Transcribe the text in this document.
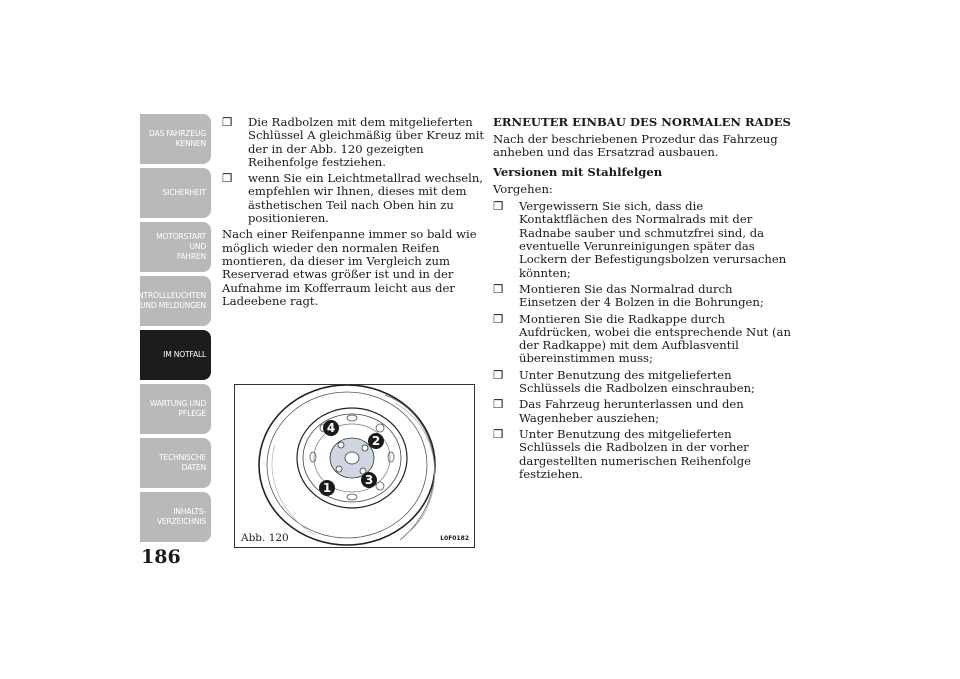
DAS FAHRZEUG
KENNEN
SICHERHEIT
MOTORSTART UND
FAHREN
KONTROLLLEUCHTEN
UND MELDUNGEN
IM NOTFALL
WARTUNG UND
PFLEGE
TECHNISCHE
DATEN
INHALTS-
VERZEICHNIS
186
❒	Die Radbolzen mit dem mitgelieferten Schlüssel A gleichmäßig über Kreuz mit der in der Abb. 120 gezeigten Reihenfolge festziehen.
❒	wenn Sie ein Leichtmetallrad wechseln, empfehlen wir Ihnen, dieses mit dem ästhetischen Teil nach Oben hin zu positionieren.

Nach einer Reifenpanne immer so bald wie möglich wieder den normalen Reifen montieren, da dieser im Vergleich zum Reserverad etwas größer ist und in der Aufnahme im Kofferraum leicht aus der Ladeebene ragt.

4
2
1
3
Abb. 120	L0F0182
ERNEUTER EINBAU DES NORMALEN RADES

Nach der beschriebenen Prozedur das Fahrzeug anheben und das Ersatzrad ausbauen.

Versionen mit Stahlfelgen

Vorgehen:

❒	Vergewissern Sie sich, dass die Kontaktflächen des Normalrads mit der Radnabe sauber und schmutzfrei sind, da eventuelle Verunreinigungen später das Lockern der Befestigungsbolzen verursachen könnten;
❒	Montieren Sie das Normalrad durch Einsetzen der 4 Bolzen in die Bohrungen;
❒	Montieren Sie die Radkappe durch Aufdrücken, wobei die entsprechende Nut (an der Radkappe) mit dem Aufblasventil übereinstimmen muss;
❒	Unter Benutzung des mitgelieferten Schlüssels die Radbolzen einschrauben;
❒	Das Fahrzeug herunterlassen und den Wagenheber ausziehen;
❒	Unter Benutzung des mitgelieferten Schlüssels die Radbolzen in der vorher dargestellten numerischen Reihenfolge festziehen.
